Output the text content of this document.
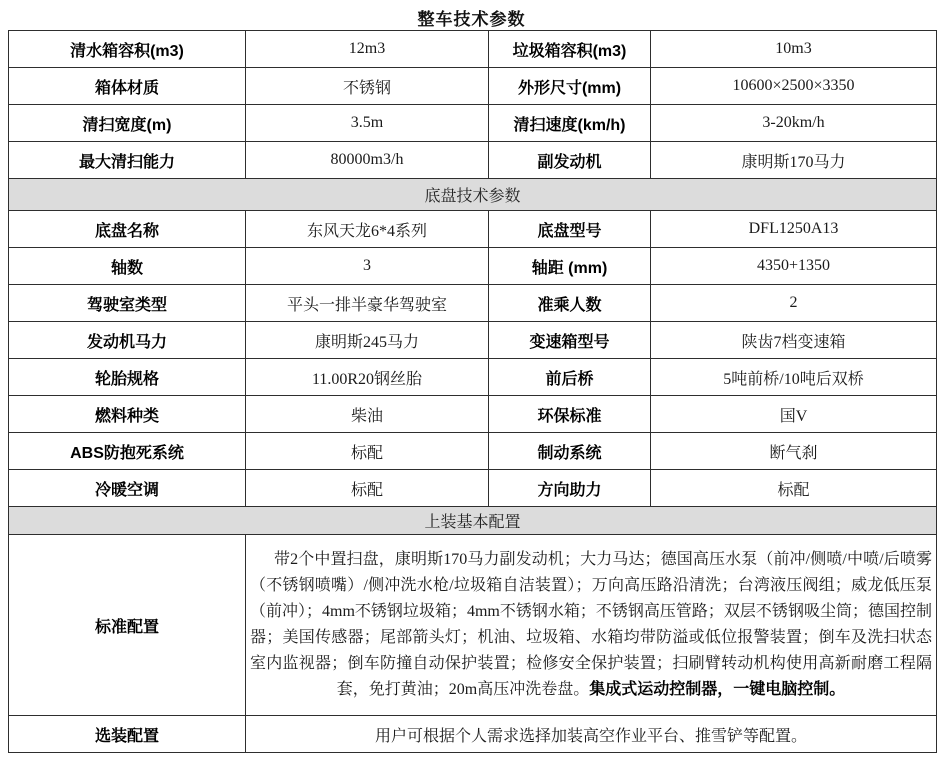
整车技术参数
清水箱容积(m3)	12m3	垃圾箱容积(m3)	10m3
箱体材质	不锈钢	外形尺寸(mm)	10600×2500×3350
清扫宽度(m)	3.5m	清扫速度(km/h)	3-20km/h
最大清扫能力	80000m3/h	副发动机	康明斯170马力
底盘技术参数			
底盘名称	东风天龙6*4系列	底盘型号	DFL1250A13
轴数	3	轴距 (mm)	4350+1350
驾驶室类型	平头一排半豪华驾驶室	准乘人数	2
发动机马力	康明斯245马力	变速箱型号	陕齿7档变速箱
轮胎规格	11.00R20钢丝胎	前后桥	5吨前桥/10吨后双桥
燃料种类	柴油	环保标准	国V
ABS防抱死系统	标配	制动系统	断气刹
冷暖空调	标配	方向助力	标配
上装基本配置			
标准配置	带2个中置扫盘，康明斯170马力副发动机；大力马达；德国高压水泵（前冲/侧喷/中喷/后喷雾（不锈钢喷嘴）/侧冲洗水枪/垃圾箱自洁装置）；万向高压路沿清洗；台湾液压阀组；威龙低压泵（前冲）；4mm不锈钢垃圾箱；4mm不锈钢水箱；不锈钢高压管路；双层不锈钢吸尘筒；德国控制器；美国传感器；尾部箭头灯；机油、垃圾箱、水箱均带防溢或低位报警装置；倒车及洗扫状态室内监视器；倒车防撞自动保护装置；检修安全保护装置；扫刷臂转动机构使用高新耐磨工程隔套，免打黄油；20m高压冲洗卷盘。集成式运动控制器，一键电脑控制。		

选装配置	用户可根据个人需求选择加装高空作业平台、推雪铲等配置。		
